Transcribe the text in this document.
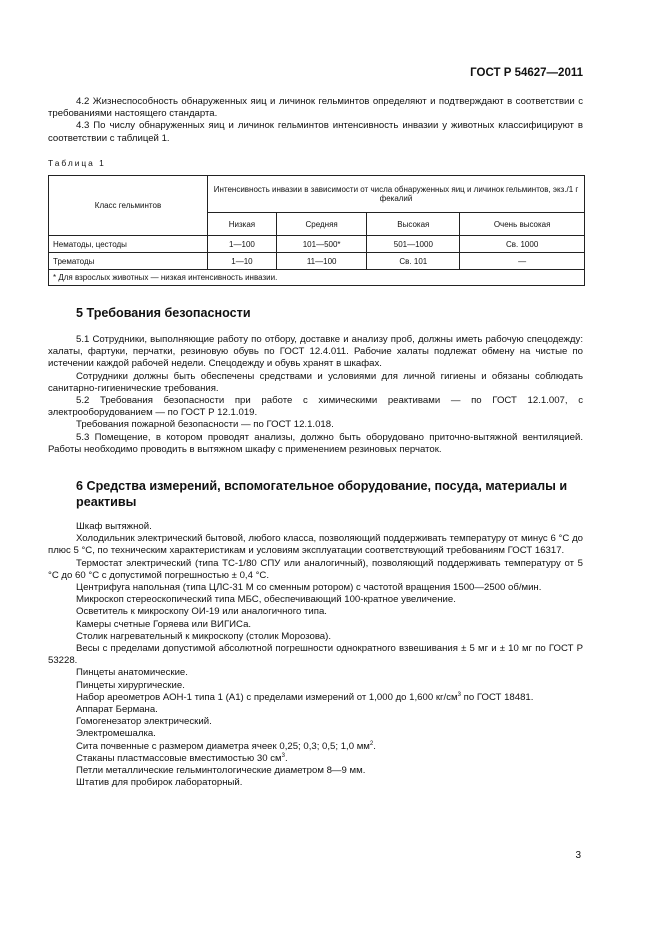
ГОСТ Р 54627—2011

4.2 Жизнеспособность обнаруженных яиц и личинок гельминтов определяют и подтверждают в соответствии с требованиями настоящего стандарта.

4.3 По числу обнаруженных яиц и личинок гельминтов интенсивность инвазии у животных классифицируют в соответствии с таблицей 1.

Таблица 1
Класс гельминтов	Интенсивность инвазии в зависимости от числа обнаруженных яиц и личинок гельминтов, экз./1 г фекалий			
	Низкая	Средняя	Высокая	Очень высокая
Нематоды, цестоды	1—100	101—500*	501—1000	Св. 1000
Трематоды	1—10	11—100	Св. 101	—
* Для взрослых животных — низкая интенсивность инвазии.				
5 Требования безопасности

5.1 Сотрудники, выполняющие работу по отбору, доставке и анализу проб, должны иметь рабочую спецодежду: халаты, фартуки, перчатки, резиновую обувь по ГОСТ 12.4.011. Рабочие халаты подлежат обмену на чистые по истечении каждой рабочей недели. Спецодежду и обувь хранят в шкафах.

Сотрудники должны быть обеспечены средствами и условиями для личной гигиены и обязаны соблюдать санитарно-гигиенические требования.

5.2 Требования безопасности при работе с химическими реактивами — по ГОСТ 12.1.007, с электрооборудованием — по ГОСТ Р 12.1.019.

Требования пожарной безопасности — по ГОСТ 12.1.018.

5.3 Помещение, в котором проводят анализы, должно быть оборудовано приточно-вытяжной вентиляцией. Работы необходимо проводить в вытяжном шкафу с применением резиновых перчаток.

6 Средства измерений, вспомогательное оборудование, посуда, материалы и реактивы

Шкаф вытяжной.

Холодильник электрический бытовой, любого класса, позволяющий поддерживать температуру от минус 6 °С до плюс 5 °С, по техническим характеристикам и условиям эксплуатации соответствующий требованиям ГОСТ 16317.

Термостат электрический (типа ТС-1/80 СПУ или аналогичный), позволяющий поддерживать температуру от 5 °С до 60 °С с допустимой погрешностью ± 0,4 °С.

Центрифуга напольная (типа ЦЛС-31 М со сменным ротором) с частотой вращения 1500—2500 об/мин.

Микроскоп стереоскопический типа МБС, обеспечивающий 100-кратное увеличение.

Осветитель к микроскопу ОИ-19 или аналогичного типа.

Камеры счетные Горяева или ВИГИСа.

Столик нагревательный к микроскопу (столик Морозова).

Весы с пределами допустимой абсолютной погрешности однократного взвешивания ± 5 мг и ± 10 мг по ГОСТ Р 53228.

Пинцеты анатомические.

Пинцеты хирургические.

Набор ареометров АОН-1 типа 1 (А1) с пределами измерений от 1,000 до 1,600 $кг/см^3$ по ГОСТ 18481.

Аппарат Бермана.

Гомогенезатор электрический.

Электромешалка.

Сита почвенные с размером диаметра ячеек 0,25; 0,3; 0,5; 1,0 $мм^2$.

Стаканы пластмассовые вместимостью 30 $см^3$.

Петли металлические гельминтологические диаметром 8—9 мм.

Штатив для пробирок лабораторный.

3
